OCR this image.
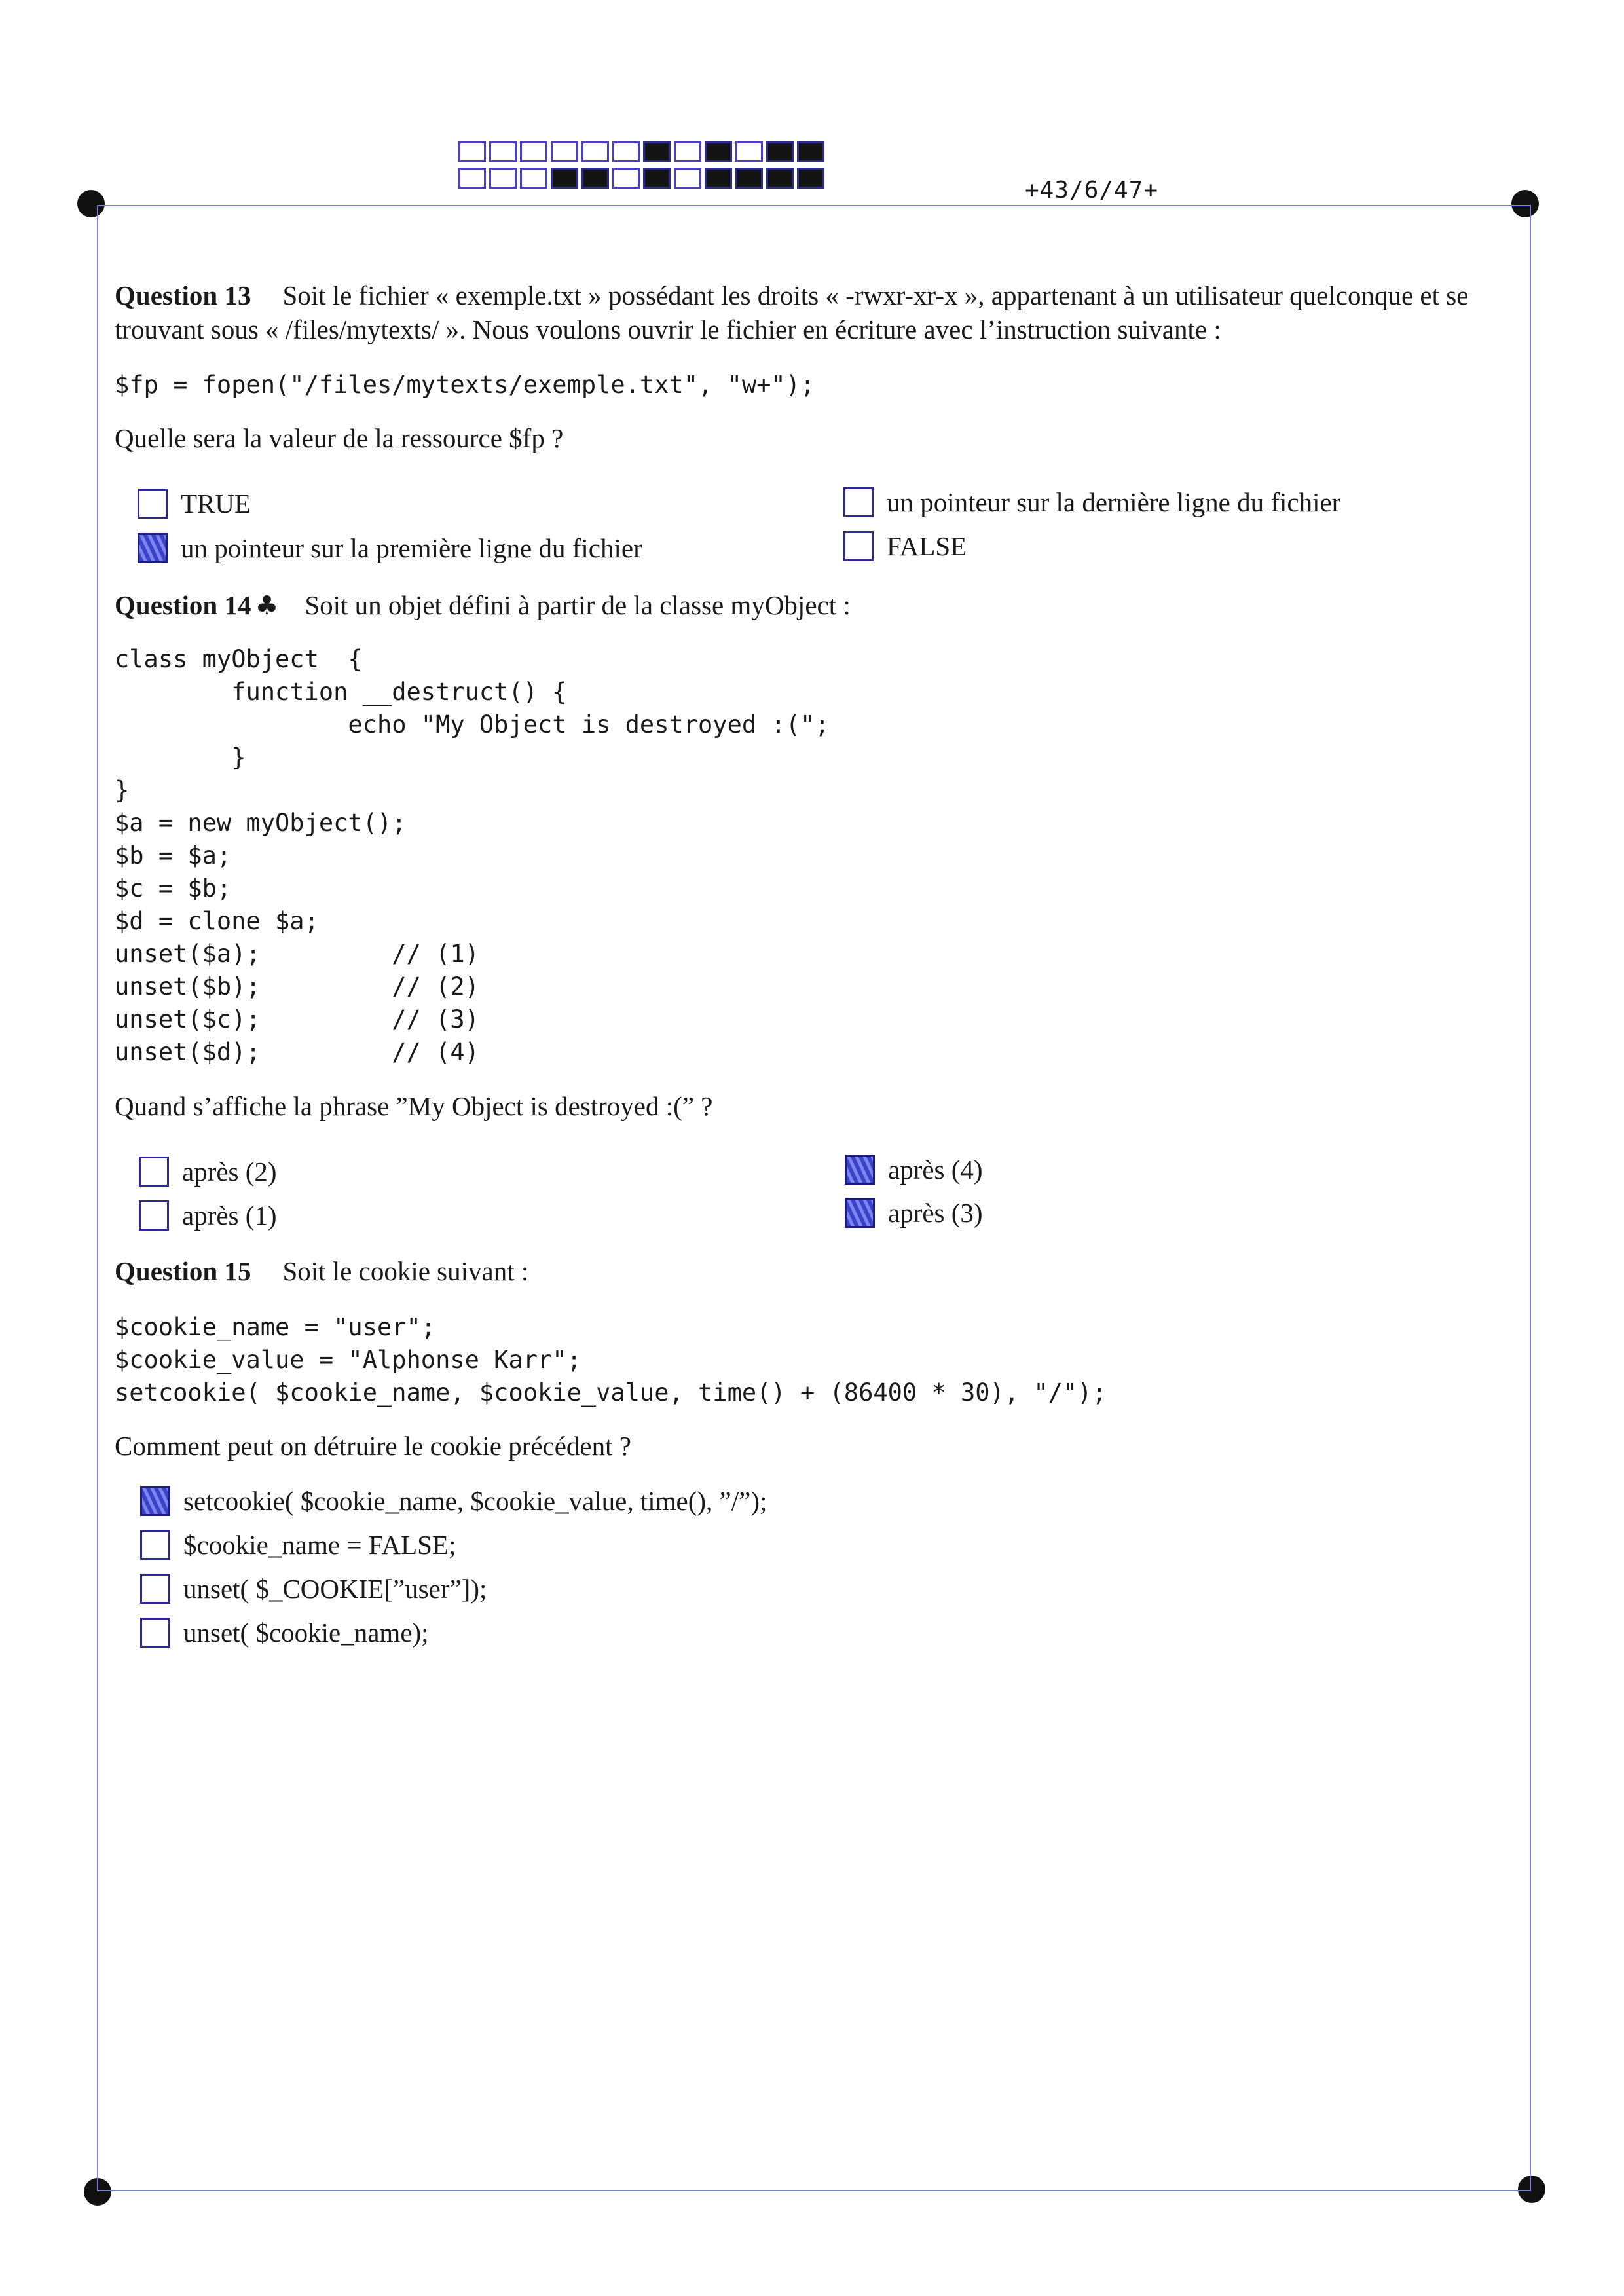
+43/6/47+
Question 13 Soit le fichier « exemple.txt » possédant les droits « -rwxr-xr-x », appartenant à un utilisateur quelconque et se trouvant sous « /files/mytexts/ ». Nous voulons ouvrir le fichier en écriture avec l’instruction suivante :
$fp = fopen("/files/mytexts/exemple.txt", "w+");
Quelle sera la valeur de la ressource $fp ?
TRUE
un pointeur sur la première ligne du fichier
un pointeur sur la dernière ligne du fichier
FALSE
Question 14 ♣ Soit un objet défini à partir de la classe myObject :
class myObject  {
function __destruct() {
echo "My Object is destroyed :(";
}
}
$a = new myObject();
$b = $a;
$c = $b;
$d = clone $a;
unset($a);         // (1)
unset($b);         // (2)
unset($c);         // (3)
unset($d);         // (4)
Quand s’affiche la phrase ”My Object is destroyed :(” ?
après (2)
après (1)
après (4)
après (3)
Question 15 Soit le cookie suivant :
$cookie_name = "user";
$cookie_value = "Alphonse Karr";
setcookie( $cookie_name, $cookie_value, time() + (86400 * 30), "/");
Comment peut on détruire le cookie précédent ?
setcookie( $cookie_name, $cookie_value, time(), ”/”);
$cookie_name = FALSE;
unset( $_COOKIE[”user”]);
unset( $cookie_name);
